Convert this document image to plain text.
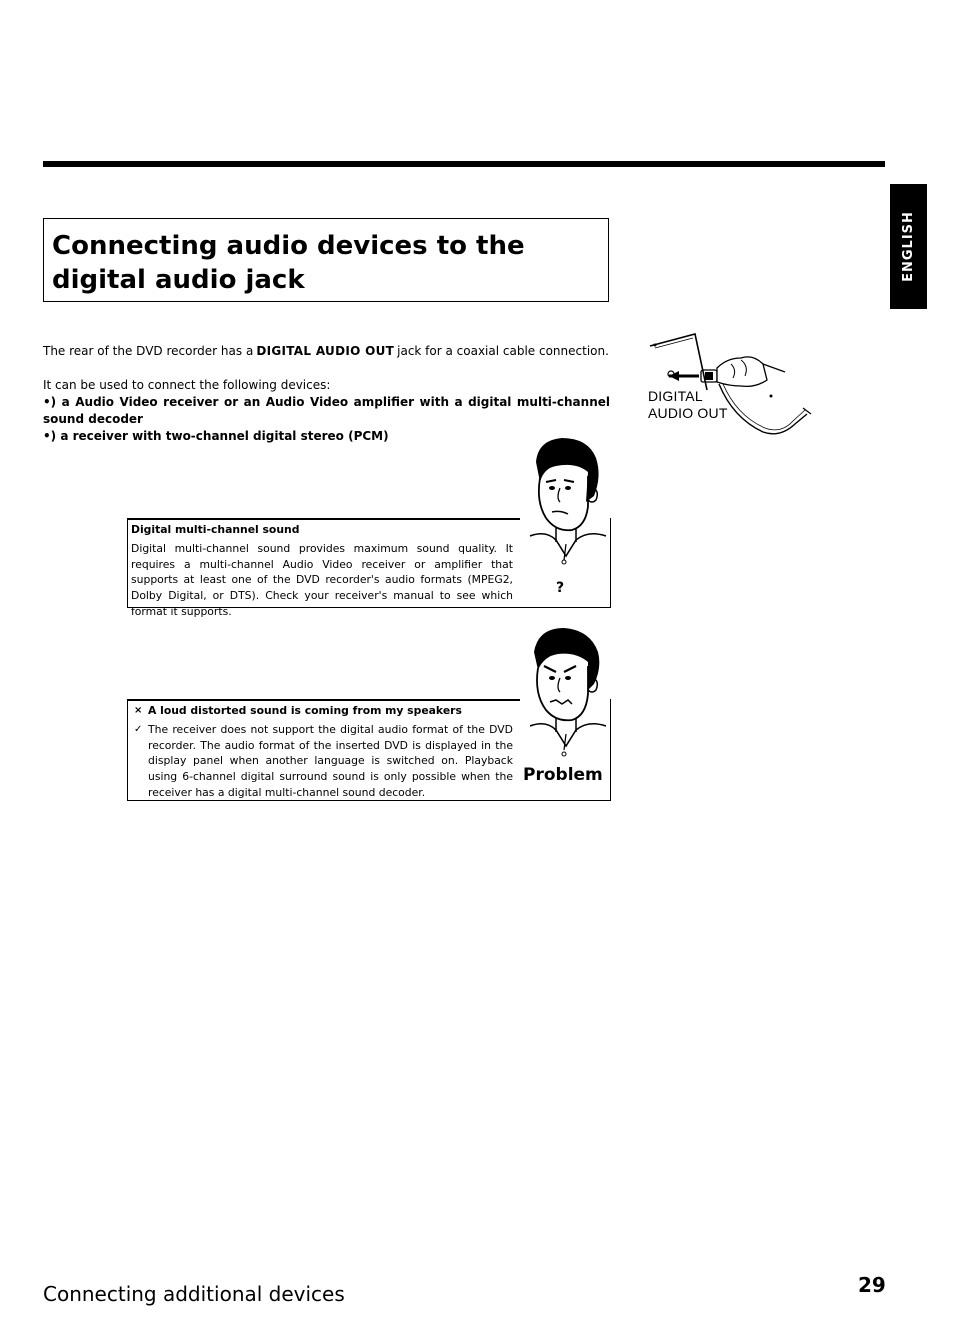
ENGLISH
Connecting audio devices to the digital audio jack

The rear of the DVD recorder has a DIGITAL AUDIO OUT jack for a coaxial cable connection.

It can be used to connect the following devices:

•) a Audio Video receiver or an Audio Video amplifier with a digital multi-channel sound decoder

•) a receiver with two-channel digital stereo (PCM)

DIGITAL
AUDIO OUT
Digital multi-channel sound
Digital multi-channel sound provides maximum sound quality. It requires a multi-channel Audio Video receiver or amplifier that supports at least one of the DVD recorder's audio formats (MPEG2, Dolby Digital, or DTS). Check your receiver's manual to see which format it supports.
?
× A loud distorted sound is coming from my speakers
✓ The receiver does not support the digital audio format of the DVD recorder. The audio format of the inserted DVD is displayed in the display panel when another language is switched on. Playback using 6-channel digital surround sound is only possible when the receiver has a digital multi-channel sound decoder.
Problem
Connecting additional devices	29
